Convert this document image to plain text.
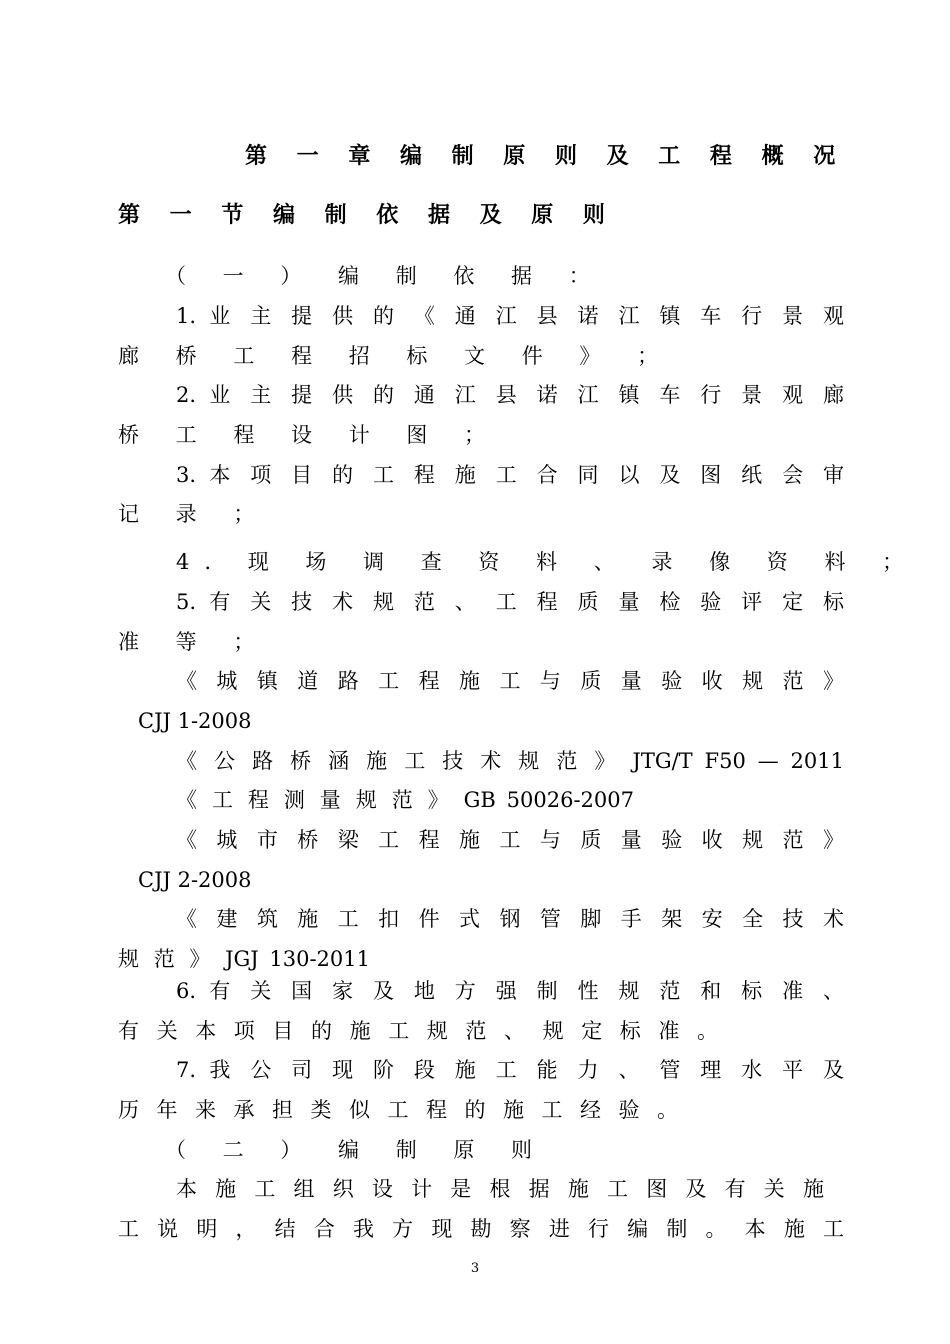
第 一 章 编 制 原 则 及 工 程 概 况
第 一 节 编 制 依 据 及 原 则
（ 一 ） 编 制 依 据 ：
1. 业 主 提 供 的 《 通 江 县 诺 江 镇 车 行 景 观
廊 桥 工 程 招 标 文 件 》 ；
2. 业 主 提 供 的 通 江 县 诺 江 镇 车 行 景 观 廊
桥 工 程 设 计 图 ；
3. 本 项 目 的 工 程 施 工 合 同 以 及 图 纸 会 审
记 录 ；
4. 现 场 调 查 资 料 、 录 像 资 料 ；
5. 有 关 技 术 规 范 、 工 程 质 量 检 验 评 定 标
准 等 ；
《 城 镇 道 路 工 程 施 工 与 质 量 验 收 规 范 》
CJJ 1-2008
《 公 路 桥 涵 施 工 技 术 规 范 》 JTG/T F50 — 2011
《 工 程 测 量 规 范 》 GB 50026-2007
《 城 市 桥 梁 工 程 施 工 与 质 量 验 收 规 范 》
CJJ 2-2008
《 建 筑 施 工 扣 件 式 钢 管 脚 手 架 安 全 技 术
规 范 》 JGJ 130-2011
6. 有 关 国 家 及 地 方 强 制 性 规 范 和 标 准 、
有 关 本 项 目 的 施 工 规 范 、 规 定 标 准 。
7. 我 公 司 现 阶 段 施 工 能 力 、 管 理 水 平 及
历 年 来 承 担 类 似 工 程 的 施 工 经 验 。
（ 二 ） 编 制 原 则
本 施 工 组 织 设 计 是 根 据 施 工 图 及 有 关 施
工 说 明 ， 结 合 我 方 现 勘 察 进 行 编 制 。 本 施 工
3
